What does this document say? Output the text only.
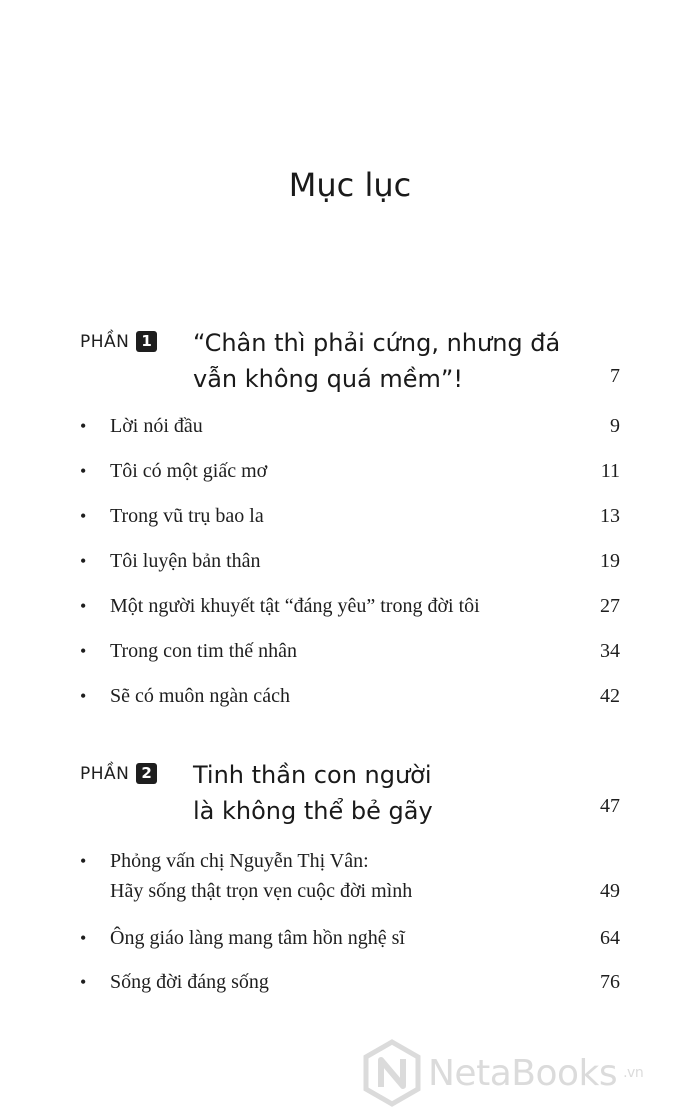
Mục lục
PHẦN 1 “Chân thì phải cứng, nhưng đá
vẫn không quá mềm”!	7
• Lời nói đầu	9
• Tôi có một giấc mơ	11
• Trong vũ trụ bao la	13
• Tôi luyện bản thân	19
• Một người khuyết tật “đáng yêu” trong đời tôi	27
• Trong con tim thế nhân	34
• Sẽ có muôn ngàn cách	42
PHẦN 2 Tinh thần con người
là không thể bẻ gãy	47
• Phỏng vấn chị Nguyễn Thị Vân:
Hãy sống thật trọn vẹn cuộc đời mình	49
• Ông giáo làng mang tâm hồn nghệ sĩ	64
• Sống đời đáng sống	76
NetaBooks .vn
